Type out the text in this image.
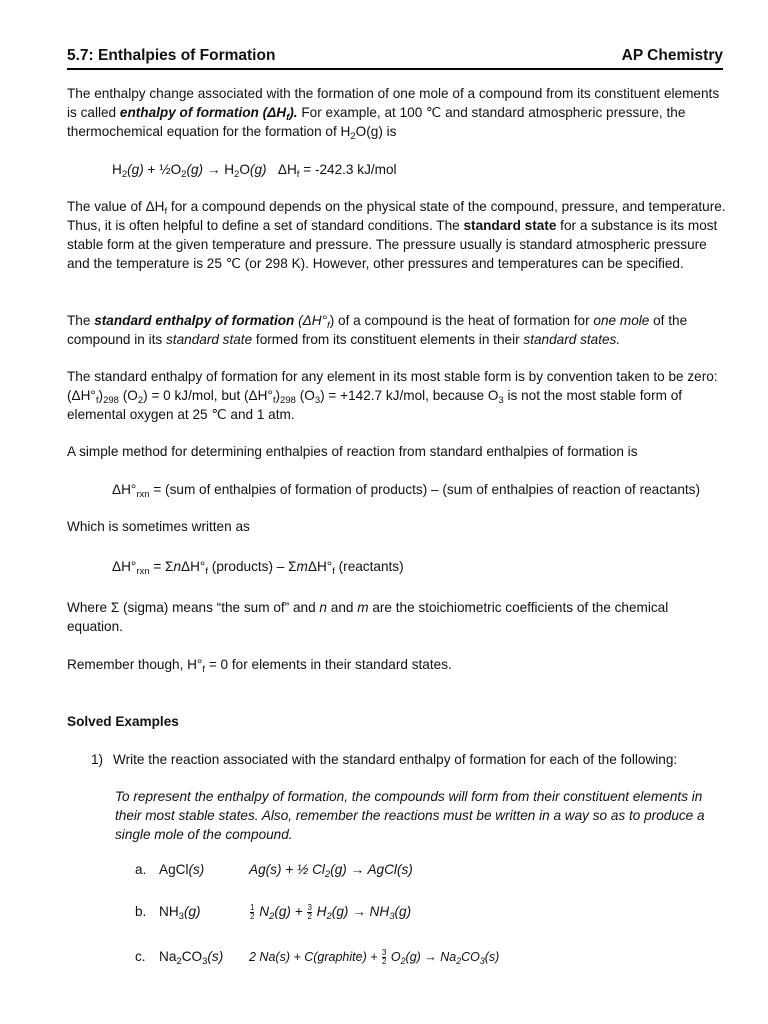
5.7: Enthalpies of Formation	AP Chemistry

The enthalpy change associated with the formation of one mole of a compound from its constituent elements is called enthalpy of formation $(\Delta H_f)$. For example, at 100 ℃ and standard atmospheric pressure, the thermochemical equation for the formation of $H_2O(g)$ is

$H_2(g)$ + $\frac{1}{2}O_2(g) \to H_2O(g) \Delta H_f = -242.3$ kJ/mol

The value of $\Delta H_f$ for a compound depends on the physical state of the compound, pressure, and temperature. Thus, it is often helpful to define a set of standard conditions. The standard state for a substance is its most stable form at the given temperature and pressure. The pressure usually is standard atmospheric pressure and the temperature is 25 ℃ (or 298 K). However, other pressures and temperatures can be specified.

The standard enthalpy of formation $(\Delta H^\circ_f)$ of a compound is the heat of formation for one mole of the compound in its standard state formed from its constituent elements in their standard states.

The standard enthalpy of formation for any element in its most stable form is by convention taken to be zero: $(\Delta H^\circ_f)_{298}$ $(O_2) = 0$ kJ/mol, but $(\Delta H^\circ_f)_{298}$ $(O_3) = +142.7$ kJ/mol, because $O_3$ is not the most stable form of elemental oxygen at 25 ℃ and 1 atm.

A simple method for determining enthalpies of reaction from standard enthalpies of formation is

$\Delta H^\circ_{rxn} = (sum$ of enthalpies of formation of products) – (sum of enthalpies of reaction of reactants)

Which is sometimes written as

$\Delta H^\circ_{rxn} = \Sigma n\Delta H^\circ_f$ (products) – $\Sigma m\Delta H^\circ_f$ (reactants)

Where Σ (sigma) means “the sum of” and n and m are the stoichiometric coefficients of the chemical equation.

Remember though, $H^\circ_f = 0$ for elements in their standard states.

Solved Examples

1) Write the reaction associated with the standard enthalpy of formation for each of the following:

To represent the enthalpy of formation, the compounds will form from their constituent elements in their most stable states. Also, remember the reactions must be written in a way so as to produce a single mole of the compound.

a. AgCl(s)	Ag(s) + ½ $Cl_2(g)$ → AgCl(s)
b. $NH_3(g)$	$\frac{1}{2} N_2(g) + \frac{3}{2} H_2(g) \to NH_3(g)$
c. $Na_2CO_3(s)$	2 Na(s) + C(graphite) + $\frac{3}{2} O_2(g) \to Na_2CO_3(s)$
